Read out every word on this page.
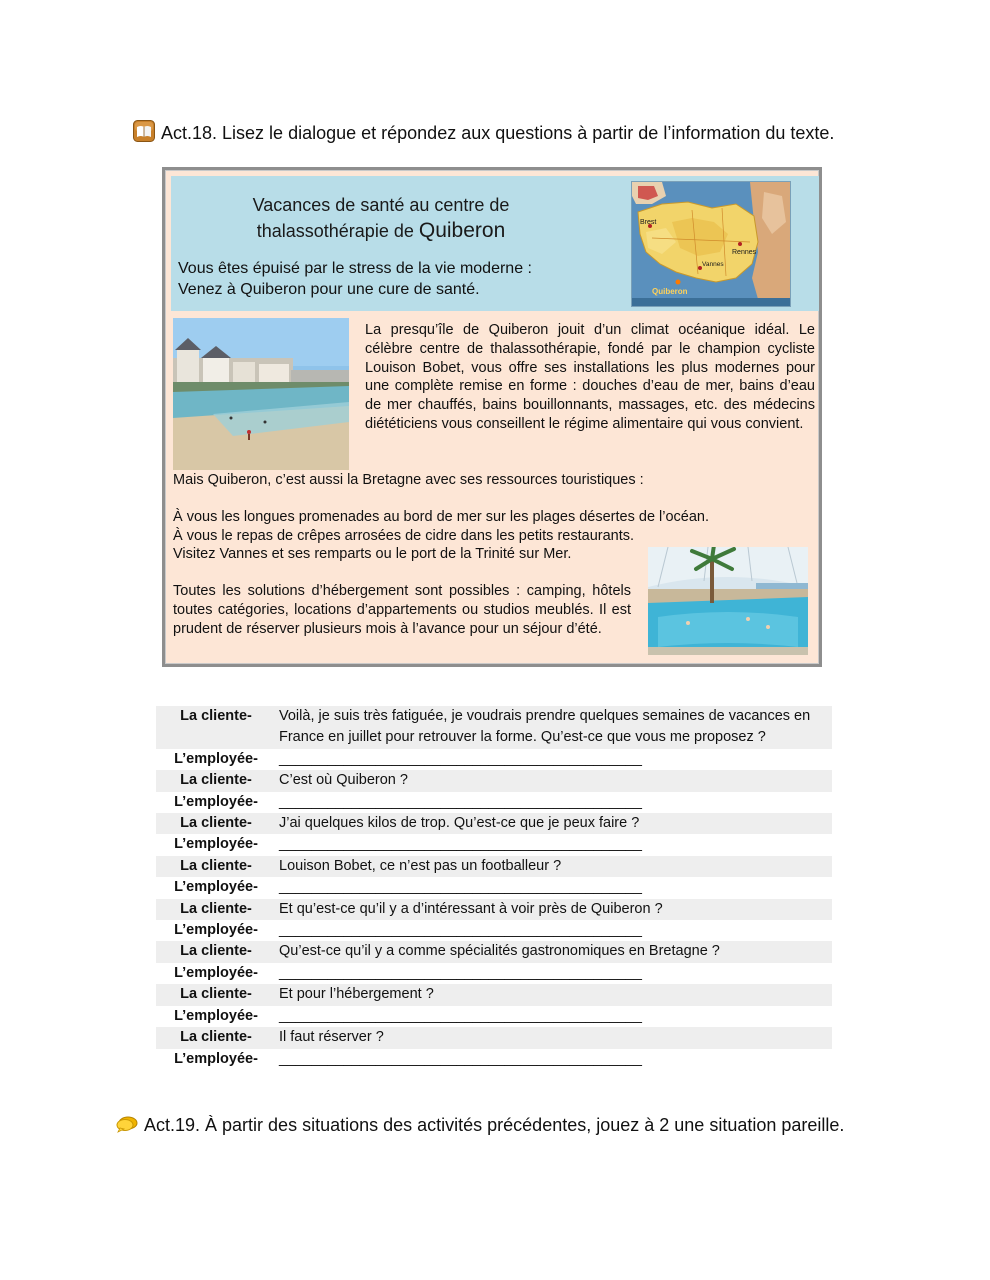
Act.18. Lisez le dialogue et répondez aux questions à partir de l’information du texte.
Vacances de santé au centre de
thalassothérapie de Quiberon
Vous êtes épuisé par le stress de la vie moderne :
Venez à Quiberon pour une cure de santé.
Brest
Rennes
Vannes
Quiberon
La presqu’île de Quiberon jouit d’un climat océanique idéal. Le célèbre centre de thalassothérapie, fondé par le champion cycliste Louison Bobet, vous offre ses installations les plus modernes pour une complète remise en forme : douches d’eau de mer, bains d’eau de mer chauffés, bains bouillonnants, massages, etc. des médecins diététiciens vous conseillent le régime alimentaire qui vous convient.
Mais Quiberon, c’est aussi la Bretagne avec ses ressources touristiques :
À vous les longues promenades au bord de mer sur les plages désertes de l’océan.
À vous le repas de crêpes arrosées de cidre dans les petits restaurants.
Visitez Vannes et ses remparts ou le port de la Trinité sur Mer.
Toutes les solutions d’hébergement sont possibles : camping, hôtels toutes catégories, locations d’appartements ou studios meublés. Il est prudent de réserver plusieurs mois à l’avance pour un séjour d’été.
La cliente-	Voilà, je suis très fatiguée, je voudrais prendre quelques semaines de vacances en France en juillet pour retrouver la forme. Qu’est-ce que vous me proposez ?
L’employée-	_____________________________________________
La cliente-	C’est où Quiberon ?
L’employée-	_____________________________________________
La cliente-	J’ai quelques kilos de trop. Qu’est-ce que je peux faire ?
L’employée-	_____________________________________________
La cliente-	Louison Bobet, ce n’est pas un footballeur ?
L’employée-	_____________________________________________
La cliente-	Et qu’est-ce qu’il y a d’intéressant à voir près de Quiberon ?
L’employée-	_____________________________________________
La cliente-	Qu’est-ce qu’il y a comme spécialités gastronomiques en Bretagne ?
L’employée-	_____________________________________________
La cliente-	Et pour l’hébergement ?
L’employée-	_____________________________________________
La cliente-	Il faut réserver ?
L’employée-	_____________________________________________
Act.19. À partir des situations des activités précédentes, jouez à 2 une situation pareille.
